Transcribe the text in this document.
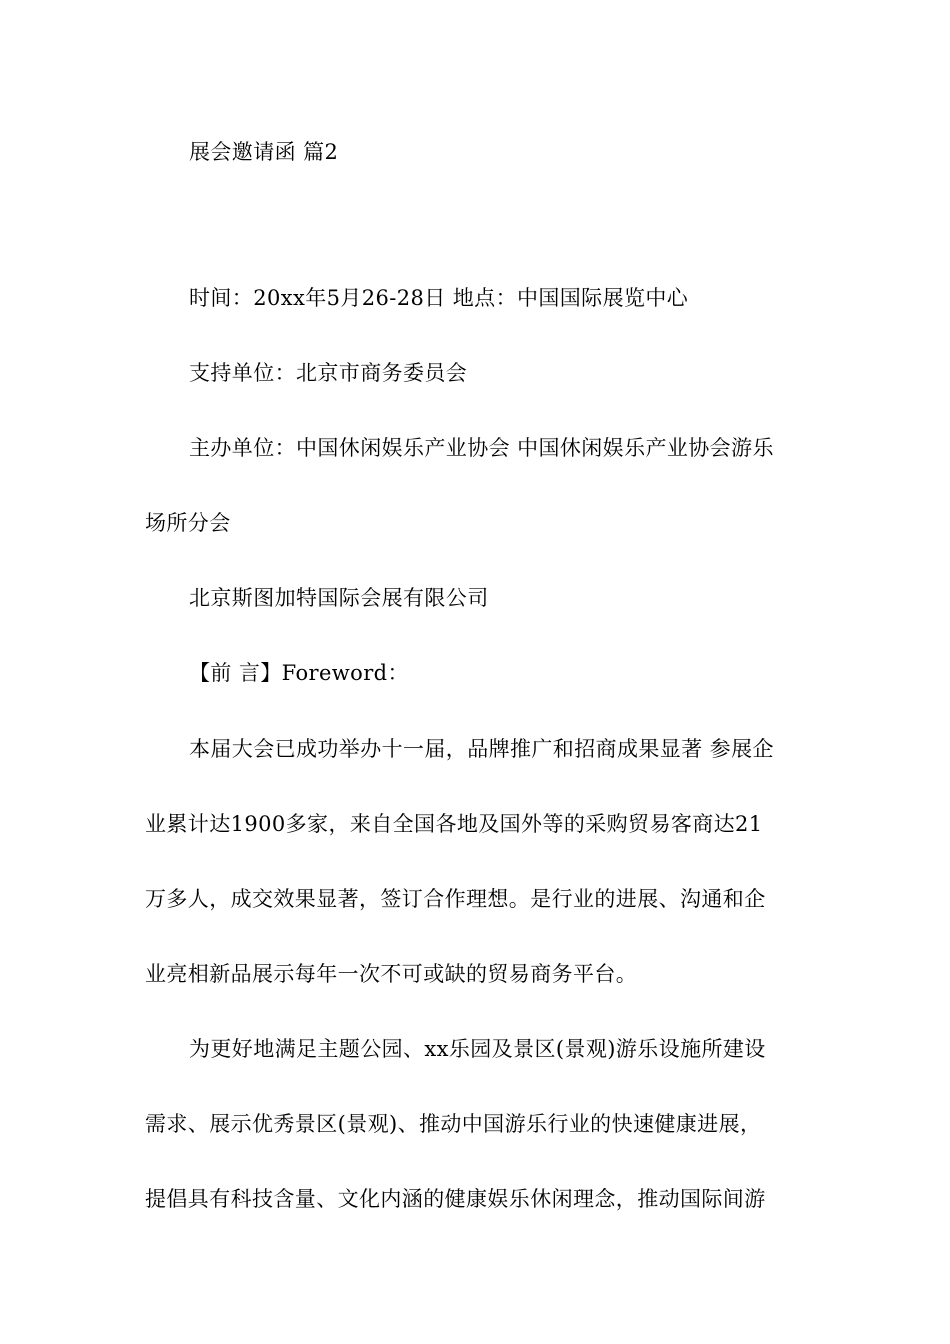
展会邀请函 篇2
时间：20xx年5月26-28日 地点：中国国际展览中心
支持单位：北京市商务委员会
主办单位：中国休闲娱乐产业协会 中国休闲娱乐产业协会游乐
场所分会
北京斯图加特国际会展有限公司
【前 言】Foreword：
本届大会已成功举办十一届，品牌推广和招商成果显著 参展企
业累计达1900多家，来自全国各地及国外等的采购贸易客商达21
万多人，成交效果显著，签订合作理想。是行业的进展、沟通和企
业亮相新品展示每年一次不可或缺的贸易商务平台。
为更好地满足主题公园、xx乐园及景区(景观)游乐设施所建设
需求、展示优秀景区(景观)、推动中国游乐行业的快速健康进展，
提倡具有科技含量、文化内涵的健康娱乐休闲理念，推动国际间游
